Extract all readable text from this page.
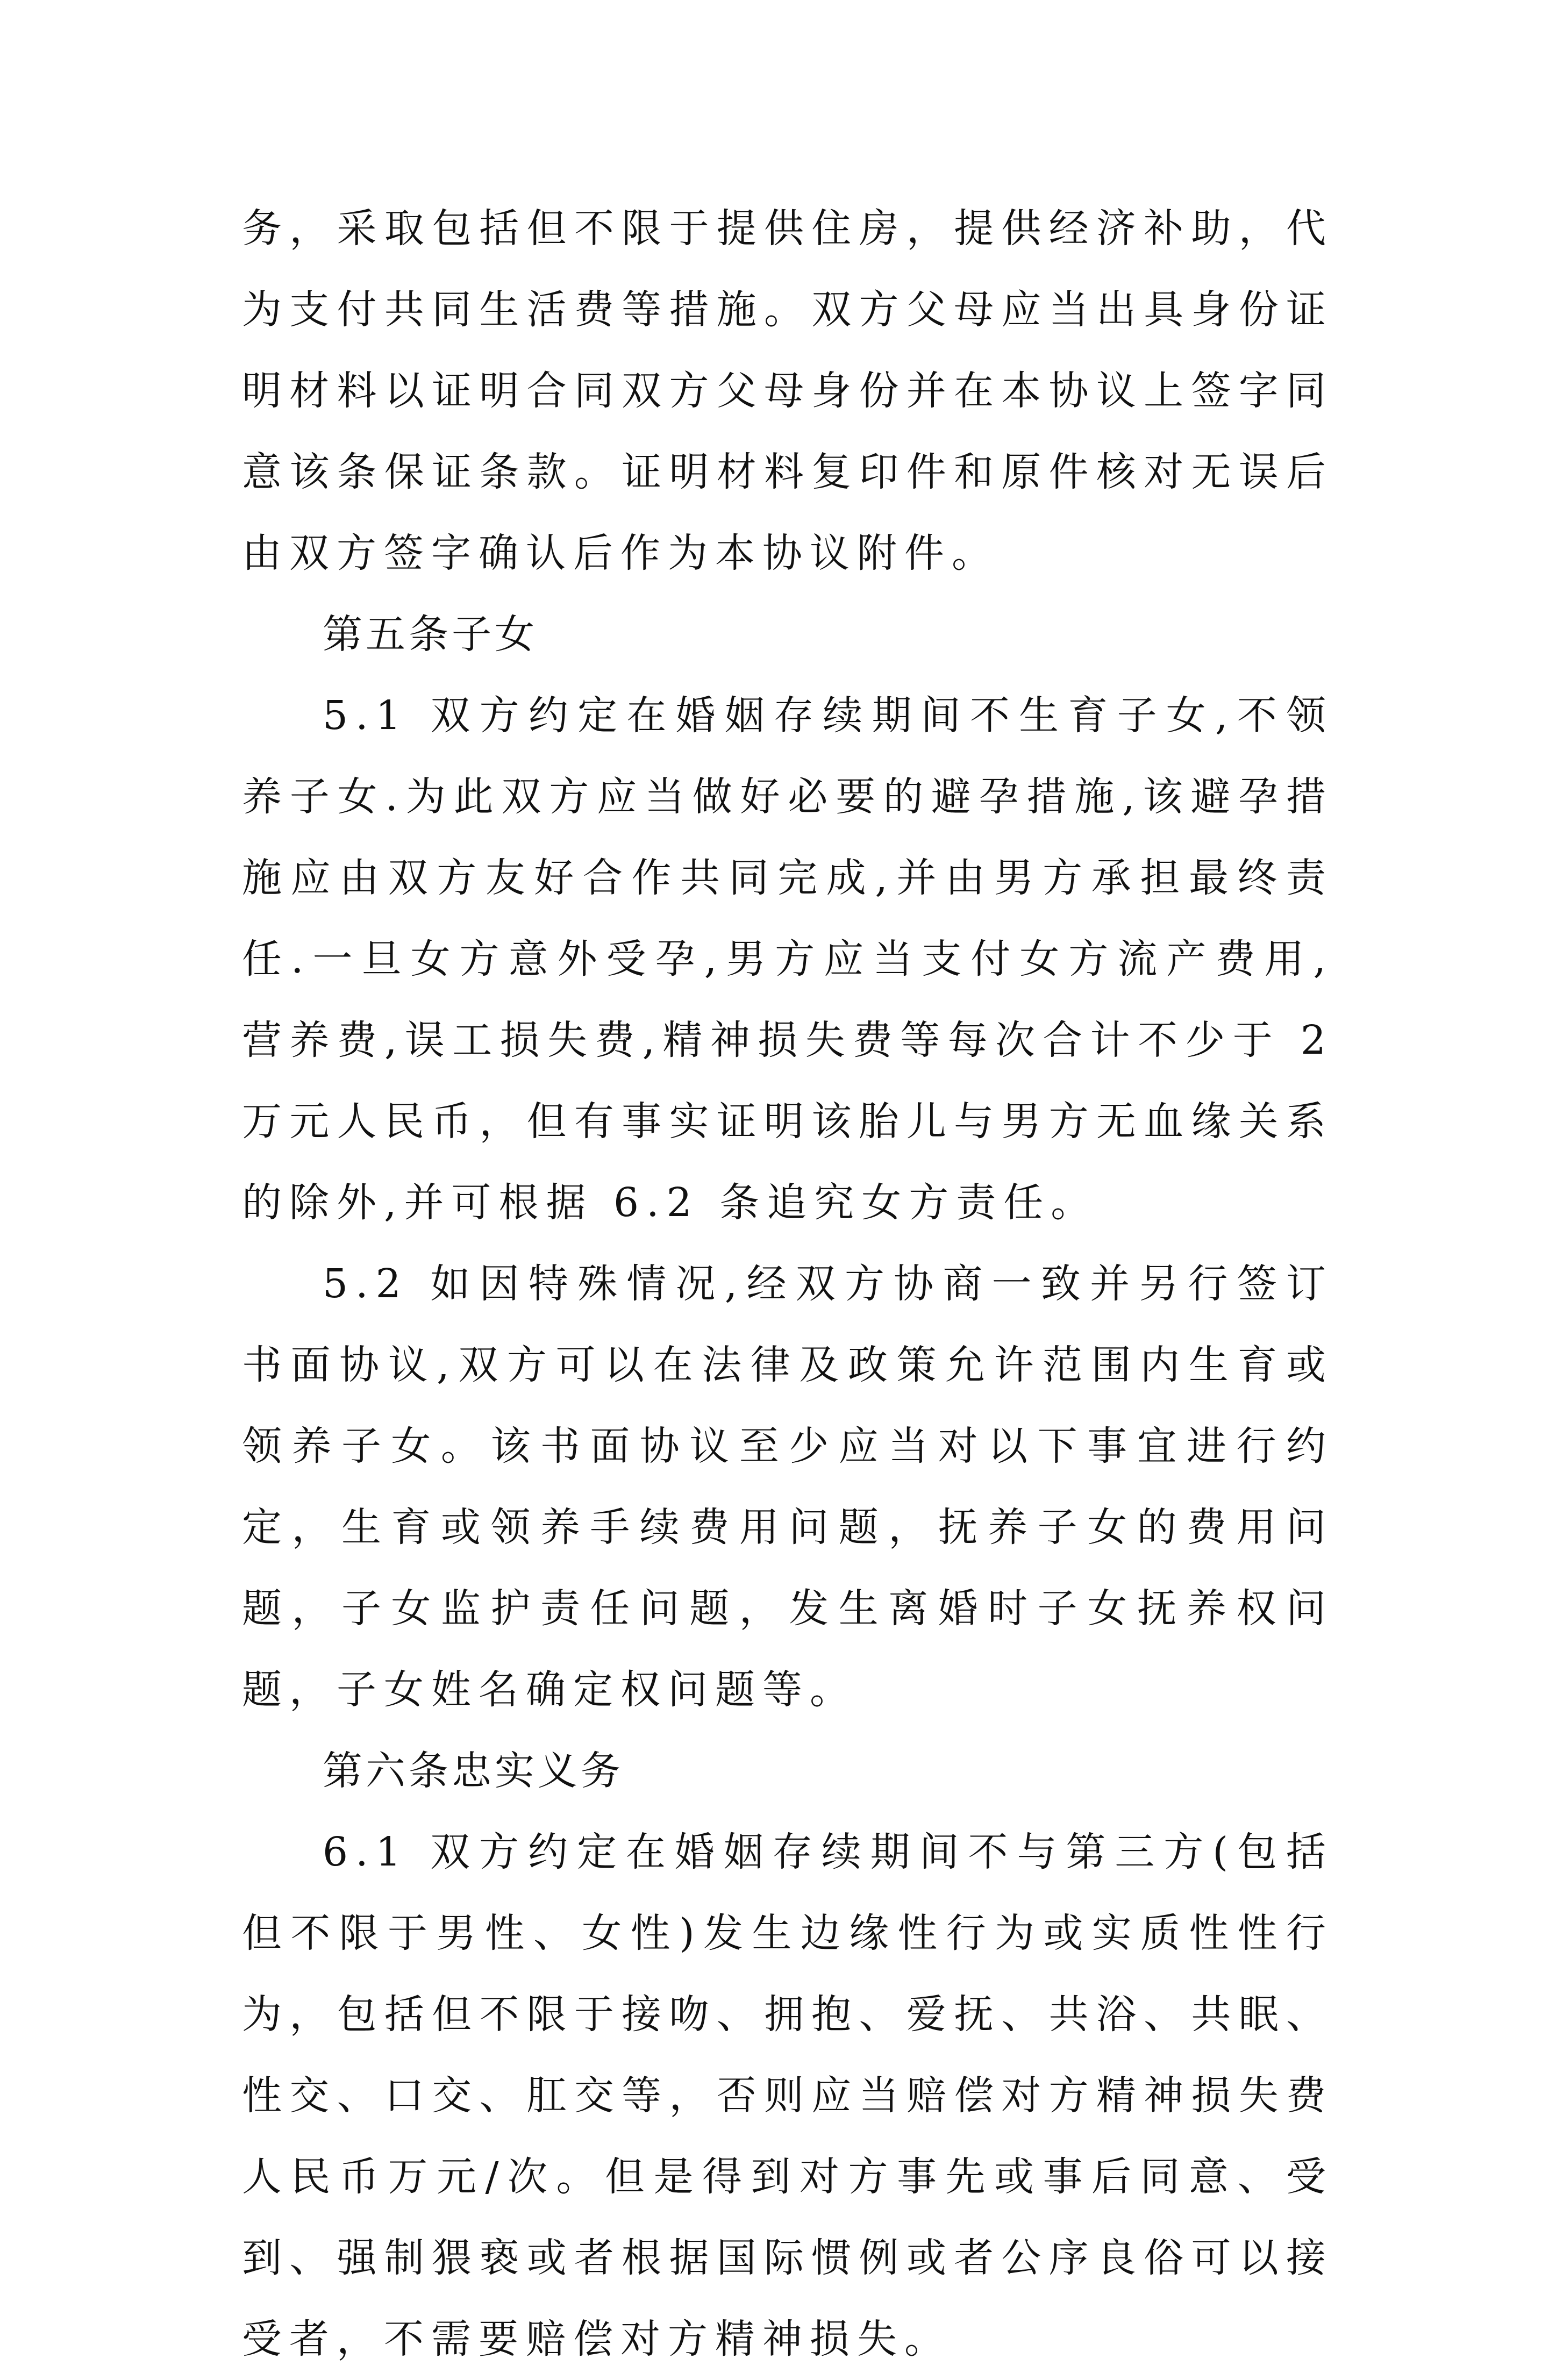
务，采取包括但不限于提供住房，提供经济补助，代为支付共同生活费等措施。双方父母应当出具身份证明材料以证明合同双方父母身份并在本协议上签字同意该条保证条款。证明材料复印件和原件核对无误后由双方签字确认后作为本协议附件。

第五条子女

5.1 双方约定在婚姻存续期间不生育子女,不领养子女.为此双方应当做好必要的避孕措施,该避孕措施应由双方友好合作共同完成,并由男方承担最终责任.一旦女方意外受孕,男方应当支付女方流产费用,营养费,误工损失费,精神损失费等每次合计不少于 2 万元人民币，但有事实证明该胎儿与男方无血缘关系的除外,并可根据 6.2 条追究女方责任。

5.2 如因特殊情况,经双方协商一致并另行签订书面协议,双方可以在法律及政策允许范围内生育或领养子女。该书面协议至少应当对以下事宜进行约定，生育或领养手续费用问题，抚养子女的费用问题，子女监护责任问题，发生离婚时子女抚养权问题，子女姓名确定权问题等。

第六条忠实义务

6.1 双方约定在婚姻存续期间不与第三方(包括但不限于男性、女性)发生边缘性行为或实质性性行为，包括但不限于接吻、拥抱、爱抚、共浴、共眠、性交、口交、肛交等，否则应当赔偿对方精神损失费人民币万元/次。但是得到对方事先或事后同意、受到、强制猥亵或者根据国际惯例或者公序良俗可以接受者，不需要赔偿对方精神损失。
